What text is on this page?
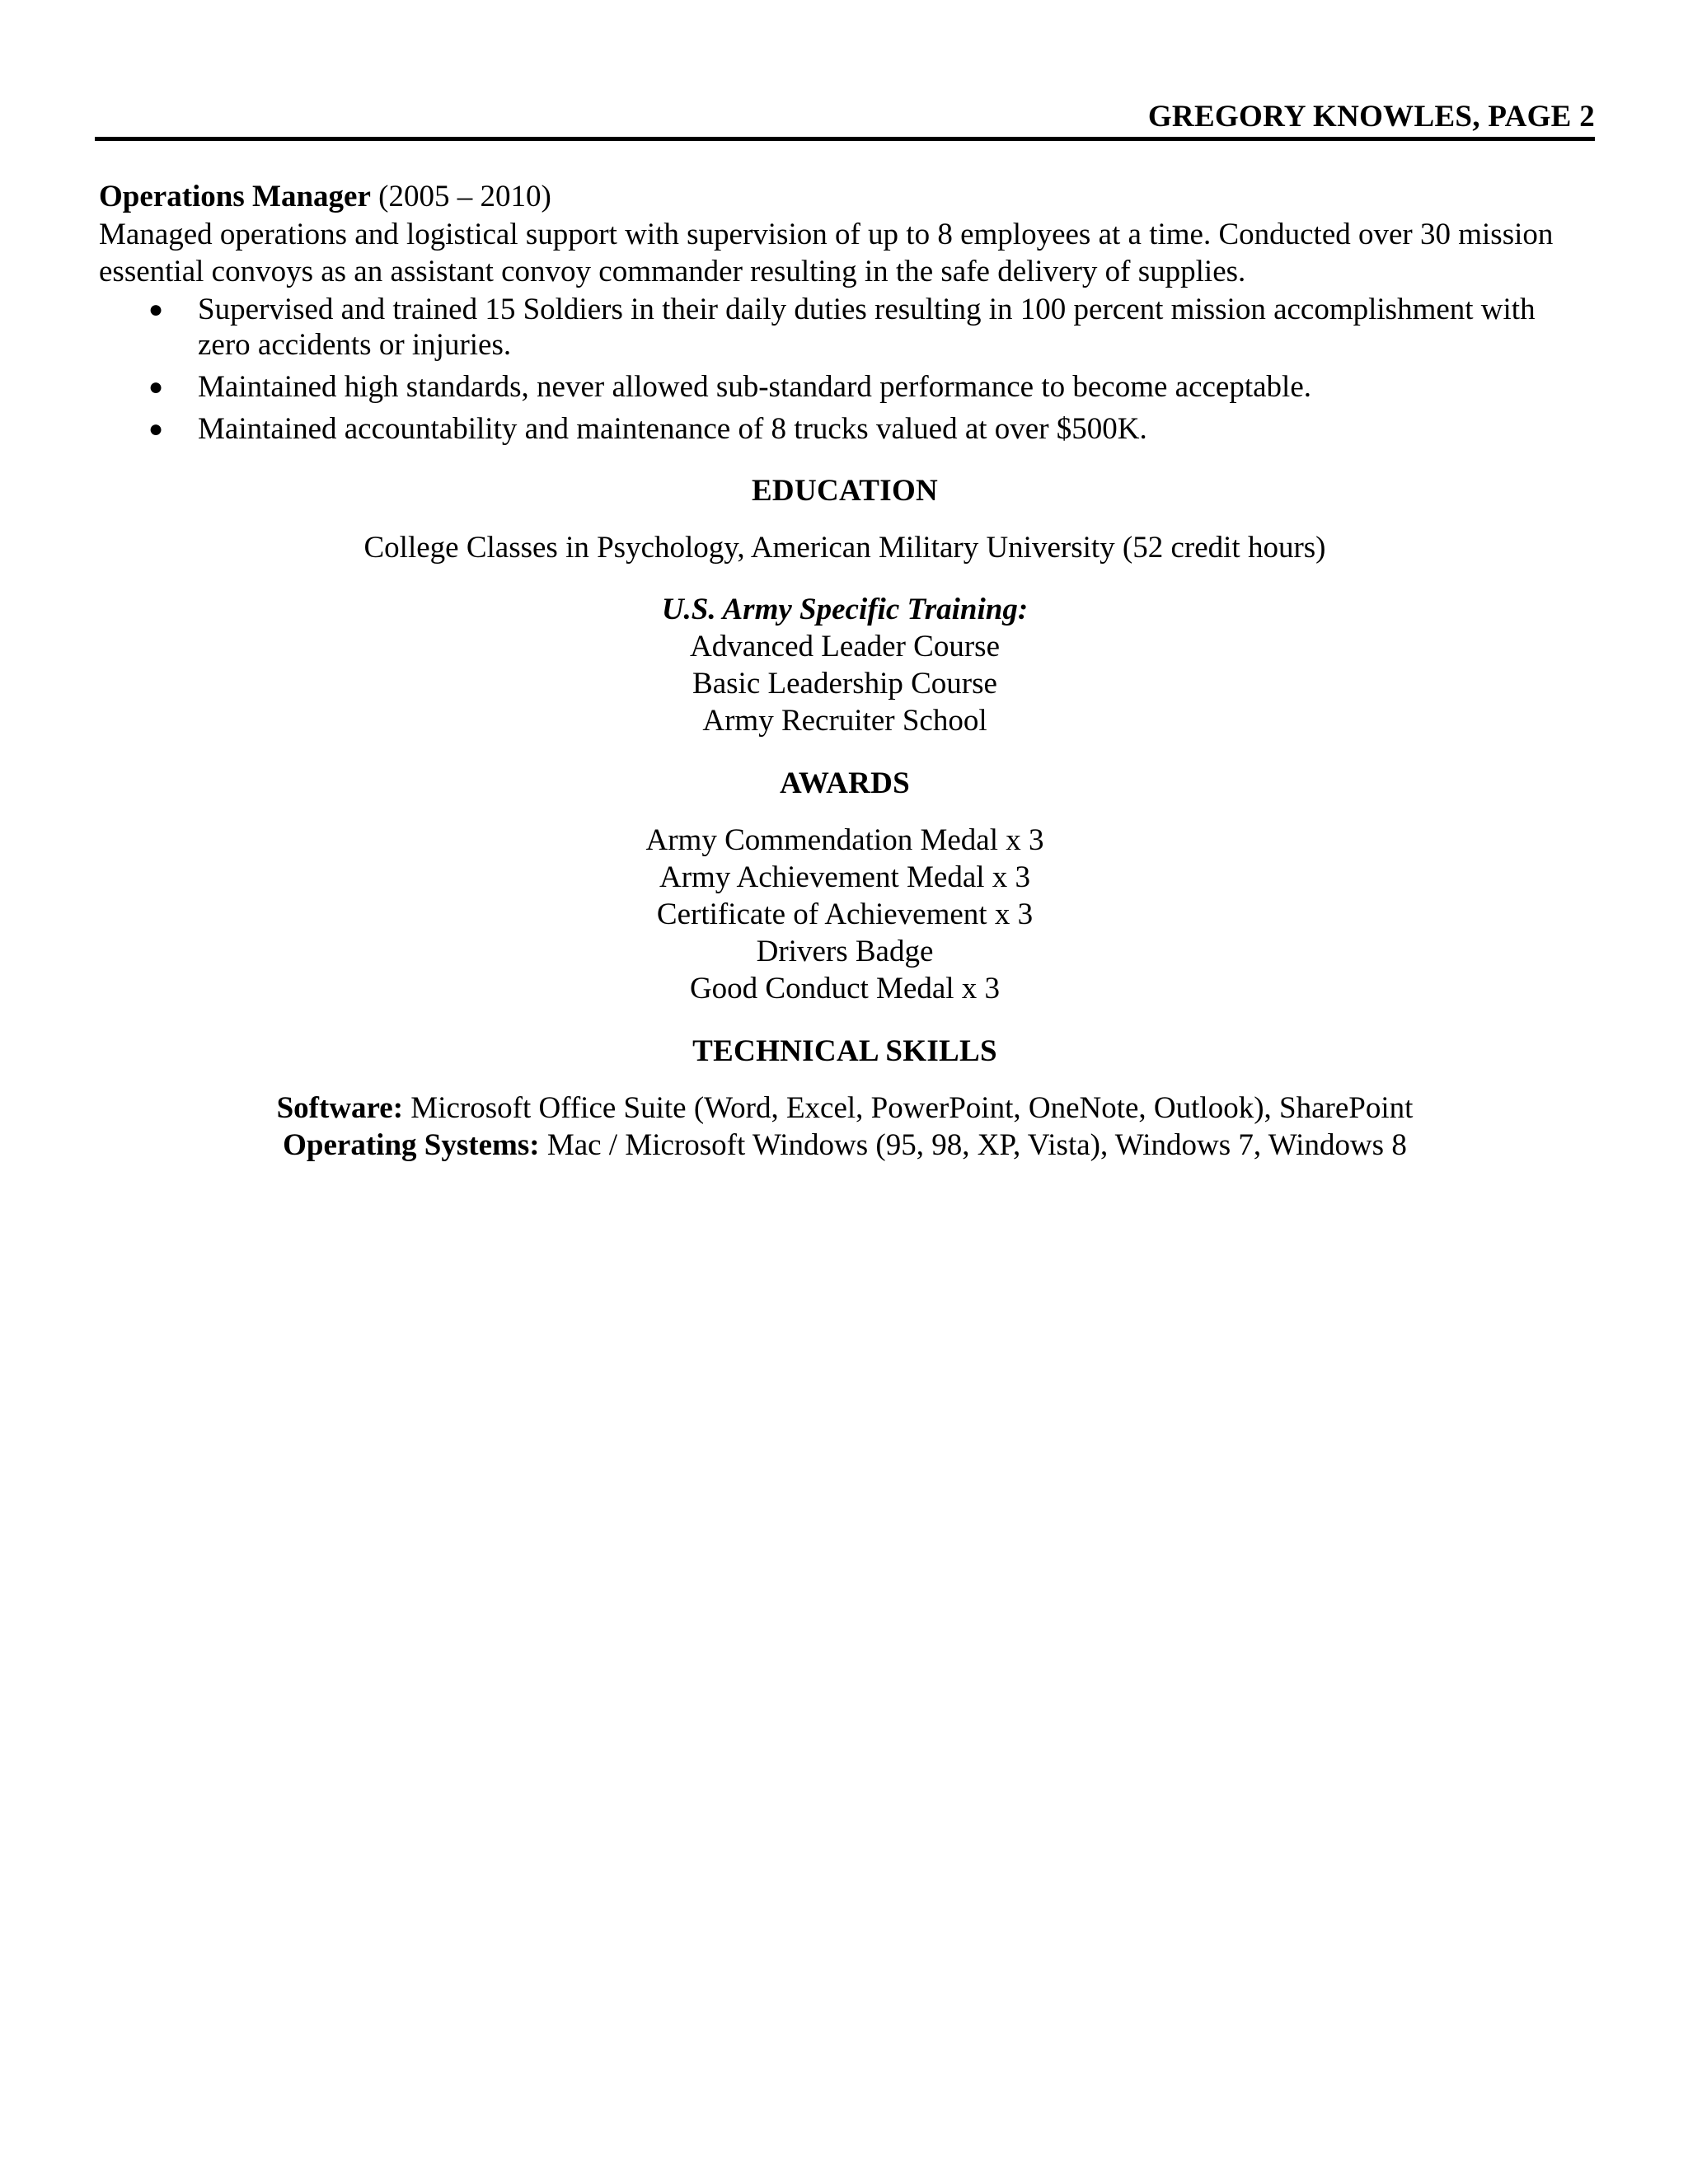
GREGORY KNOWLES, PAGE 2

Operations Manager (2005 – 2010)

Managed operations and logistical support with supervision of up to 8 employees at a time. Conducted over 30 mission essential convoys as an assistant convoy commander resulting in the safe delivery of supplies.

● Supervised and trained 15 Soldiers in their daily duties resulting in 100 percent mission accomplishment with zero accidents or injuries.
● Maintained high standards, never allowed sub-standard performance to become acceptable.
● Maintained accountability and maintenance of 8 trucks valued at over $500K.

EDUCATION

College Classes in Psychology, American Military University (52 credit hours)

U.S. Army Specific Training:

Advanced Leader Course

Basic Leadership Course

Army Recruiter School

AWARDS

Army Commendation Medal x 3

Army Achievement Medal x 3

Certificate of Achievement x 3

Drivers Badge

Good Conduct Medal x 3

TECHNICAL SKILLS

Software: Microsoft Office Suite (Word, Excel, PowerPoint, OneNote, Outlook), SharePoint

Operating Systems: Mac / Microsoft Windows (95, 98, XP, Vista), Windows 7, Windows 8
